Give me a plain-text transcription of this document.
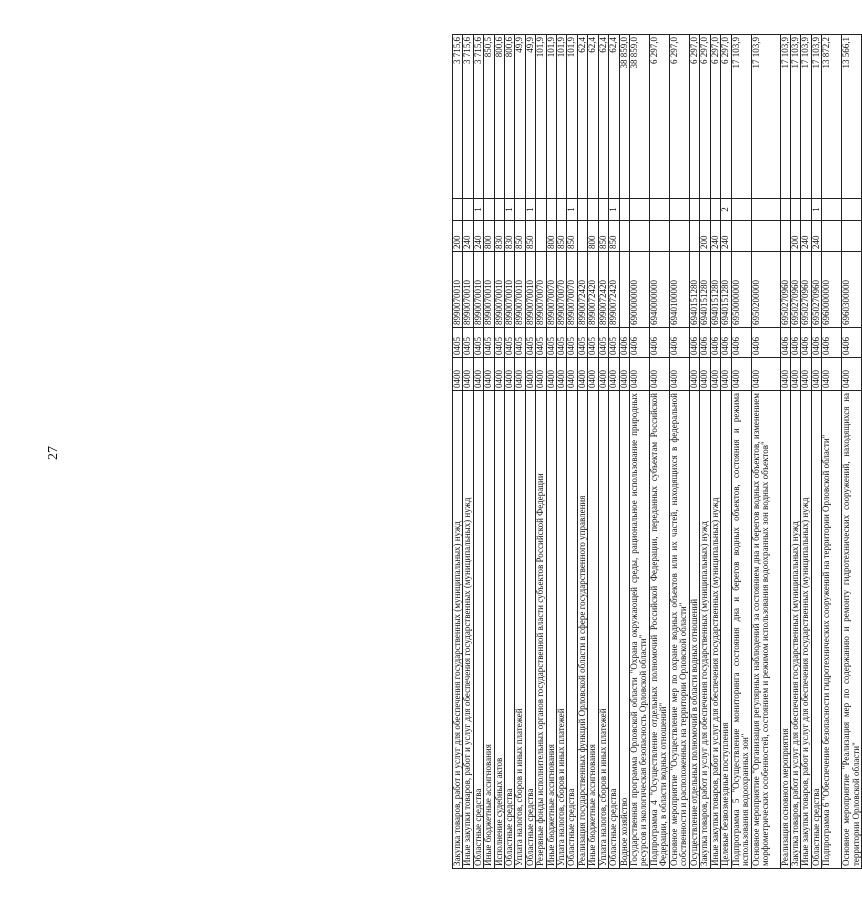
27
Закупка товаров, работ и услуг для обеспечения государственных (муниципальных) нужд	0400	0405	8990070010	200		3 715,6
Иные закупки товаров, работ и услуг для обеспечения государственных (муниципальных) нужд	0400	0405	8990070010	240		3 715,6
Областные средства	0400	0405	8990070010	240	1	3 715,6
Иные бюджетные ассигнования	0400	0405	8990070010	800		850,5
Исполнение судебных актов	0400	0405	8990070010	830		800,6
Областные средства	0400	0405	8990070010	830	1	800,6
Уплата налогов, сборов и иных платежей	0400	0405	8990070010	850		49,9
Областные средства	0400	0405	8990070010	850	1	49,9
Резервные фонды исполнительных органов государственной власти субъектов Российской Федерации	0400	0405	8990070070			101,9
Иные бюджетные ассигнования	0400	0405	8990070070	800		101,9
Уплата налогов, сборов и иных платежей	0400	0405	8990070070	850		101,9
Областные средства	0400	0405	8990070070	850	1	101,9
Реализация государственных функций Орловской области в сфере государственного управления	0400	0405	8990072420			62,4
Иные бюджетные ассигнования	0400	0405	8990072420	800		62,4
Уплата налогов, сборов и иных платежей	0400	0405	8990072420	850		62,4
Областные средства	0400	0405	8990072420	850	1	62,4
Водное хозяйство	0400	0406				38 859,0
Государственная программа Орловской области "Охрана окружающей среды, рациональное использование природных ресурсов и экологическая безопасность Орловской области"	0400	0406	6900000000			38 859,0
Подпрограмма 4 "Осуществление отдельных полномочий Российской Федерации, переданных субъектам Российской Федерации, в области водных отношений"	0400	0406	6940000000			6 297,0
Основное мероприятие "Осуществление мер по охране водных объектов или их частей, находящихся в федеральной собственности и расположенных на территории Орловской области"	0400	0406	6940100000			6 297,0
Осуществление отдельных полномочий в области водных отношений	0400	0406	6940151280			6 297,0
Закупка товаров, работ и услуг для обеспечения государственных (муниципальных) нужд	0400	0406	6940151280	200		6 297,0
Иные закупки товаров, работ и услуг для обеспечения государственных (муниципальных) нужд	0400	0406	6940151280	240		6 297,0
Целевые безвозмездные поступления	0400	0406	6940151280	240	2	6 297,0
Подпрограмма 5 "Осуществление мониторинга состояния дна и берегов водных объектов, состояния и режима использования водоохранных зон"	0400	0406	6950000000			17 103,9
Основное мероприятие "Организация регулярных наблюдений за состоянием дна и берегов водных объектов, изменением морфометрических особенностей, состоянием и режимом использования водоохранных зон водных объектов"	0400	0406	6950200000			17 103,9
Реализация основного мероприятия	0400	0406	6950270960			17 103,9
Закупка товаров, работ и услуг для обеспечения государственных (муниципальных) нужд	0400	0406	6950270960	200		17 103,9
Иные закупки товаров, работ и услуг для обеспечения государственных (муниципальных) нужд	0400	0406	6950270960	240		17 103,9
Областные средства	0400	0406	6950270960	240	1	17 103,9
Подпрограмма 6 "Обеспечение безопасности гидротехнических сооружений на территории Орловской области"	0400	0406	6960000000			13 872,2
Основное мероприятие "Реализация мер по содержанию и ремонту гидротехнических сооружений, находящихся на территории Орловской области"	0400	0406	6960300000			13 566,1
